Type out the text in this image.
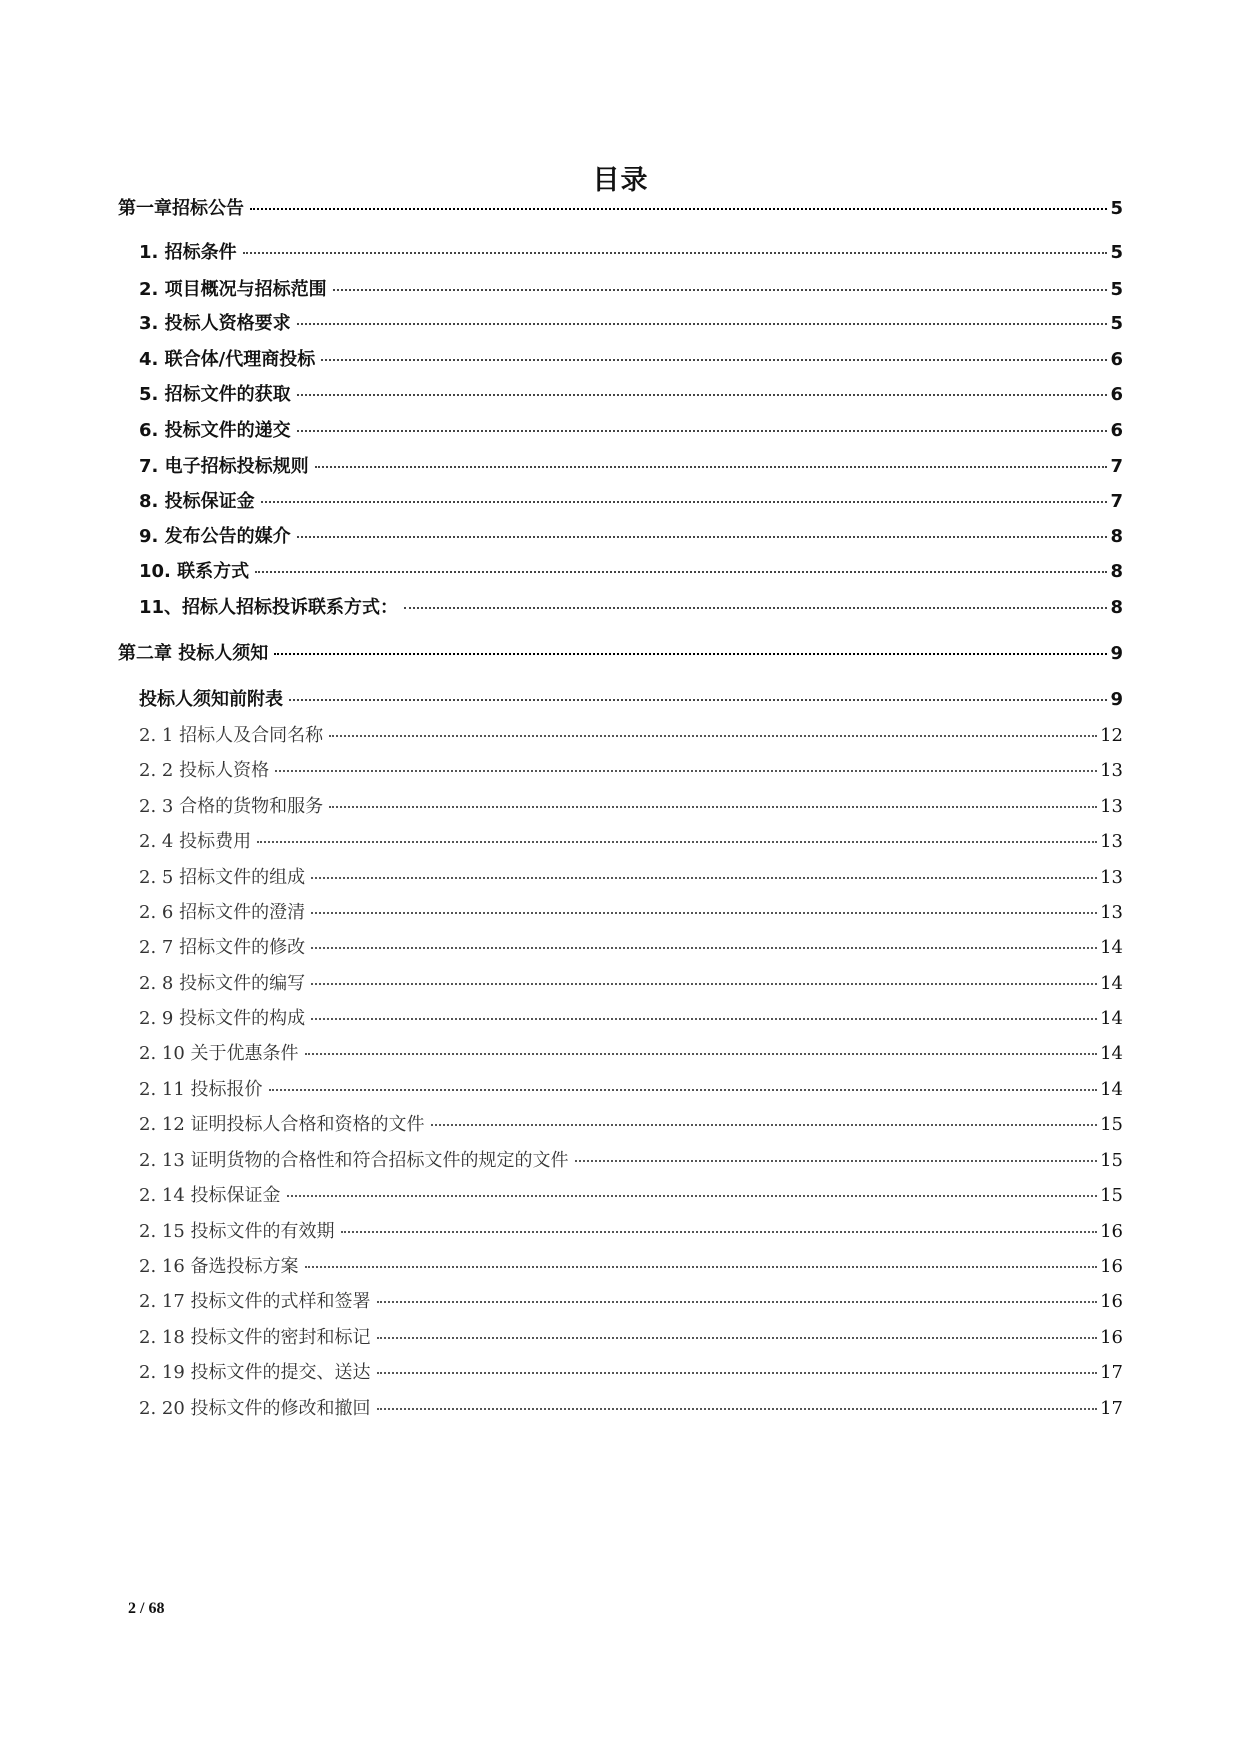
目录
第一章招标公告	5
1. 招标条件	5
2. 项目概况与招标范围	5
3. 投标人资格要求	5
4. 联合体/代理商投标	6
5. 招标文件的获取	6
6. 投标文件的递交	6
7. 电子招标投标规则	7
8. 投标保证金	7
9. 发布公告的媒介	8
10. 联系方式	8
11、招标人招标投诉联系方式：	8
第二章 投标人须知	9
投标人须知前附表	9
2. 1 招标人及合同名称	12
2. 2 投标人资格	13
2. 3 合格的货物和服务	13
2. 4 投标费用	13
2. 5 招标文件的组成	13
2. 6 招标文件的澄清	13
2. 7 招标文件的修改	14
2. 8 投标文件的编写	14
2. 9 投标文件的构成	14
2. 10 关于优惠条件	14
2. 11 投标报价	14
2. 12 证明投标人合格和资格的文件	15
2. 13 证明货物的合格性和符合招标文件的规定的文件	15
2. 14 投标保证金	15
2. 15 投标文件的有效期	16
2. 16 备选投标方案	16
2. 17 投标文件的式样和签署	16
2. 18 投标文件的密封和标记	16
2. 19 投标文件的提交、送达	17
2. 20 投标文件的修改和撤回	17
2 / 68
